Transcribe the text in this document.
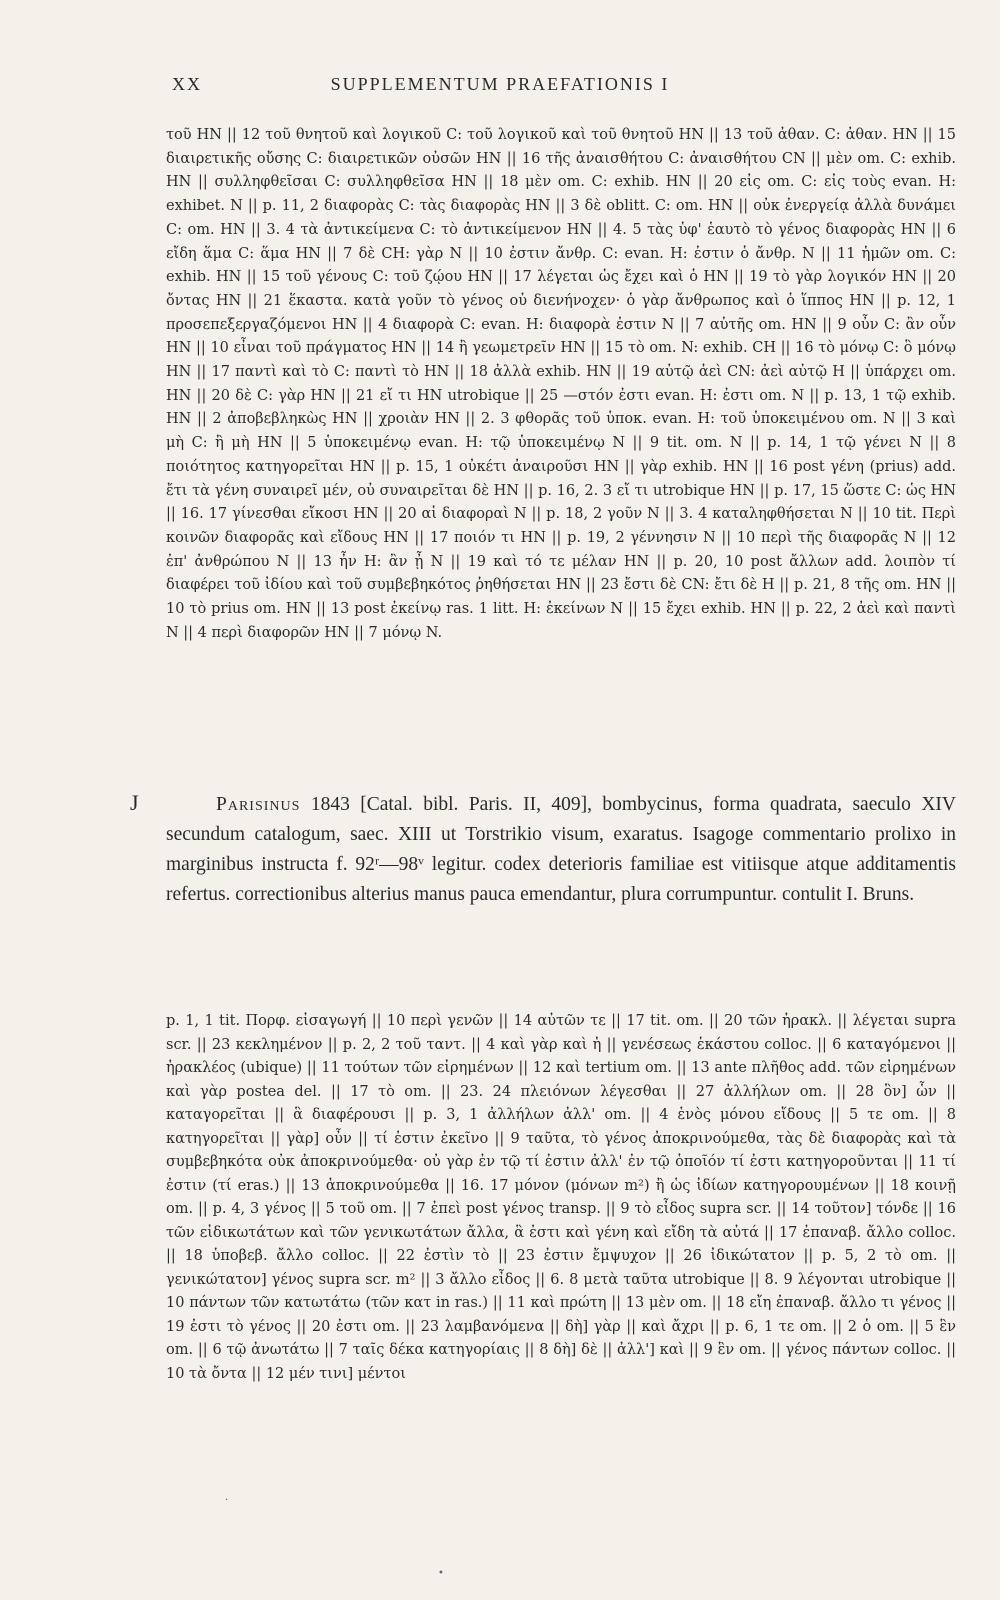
XX	SUPPLEMENTUM PRAEFATIONIS I

τοῦ HN || 12 τοῦ θνητοῦ καὶ λογικοῦ C: τοῦ λογικοῦ καὶ τοῦ θνητοῦ HN || 13 τοῦ ἀθαν. C: ἀθαν. HN || 15 διαιρετικῆς οὔσης C: διαιρετικῶν οὐσῶν HN || 16 τῆς ἀναισθήτου C: ἀναισθήτου CN || μὲν om. C: exhib. HN || συλληφθεῖσαι C: συλληφθεῖσα HN || 18 μὲν om. C: exhib. HN || 20 εἰς om. C: εἰς τοὺς evan. H: exhibet. N || p. 11, 2 διαφορὰς C: τὰς διαφορὰς HN || 3 δὲ oblitt. C: om. HN || οὐκ ἐνεργείᾳ ἀλλὰ δυνάμει C: om. HN || 3. 4 τὰ ἀντικείμενα C: τὸ ἀντικείμενον HN || 4. 5 τὰς ὑφ' ἑαυτὸ τὸ γένος διαφορὰς HN || 6 εἴδη ἅμα C: ἅμα HN || 7 δὲ CH: γὰρ N || 10 ἐστιν ἄνθρ. C: evan. H: ἐστιν ὁ ἄνθρ. N || 11 ἡμῶν om. C: exhib. HN || 15 τοῦ γένους C: τοῦ ζῴου HN || 17 λέγεται ὡς ἔχει καὶ ὁ HN || 19 τὸ γὰρ λογικόν HN || 20 ὄντας HN || 21 ἕκαστα. κατὰ γοῦν τὸ γένος οὐ διενήνοχεν· ὁ γὰρ ἄνθρωπος καὶ ὁ ἵππος HN || p. 12, 1 προσεπεξεργαζόμενοι HN || 4 διαφορὰ C: evan. H: διαφορὰ ἐστιν N || 7 αὐτῆς om. HN || 9 οὖν C: ἂν οὖν HN || 10 εἶναι τοῦ πράγματος HN || 14 ἢ γεωμετρεῖν HN || 15 τὸ om. N: exhib. CH || 16 τὸ μόνῳ C: ὃ μόνῳ HN || 17 παντὶ καὶ τὸ C: παντὶ τὸ HN || 18 ἀλλὰ exhib. HN || 19 αὐτῷ ἀεὶ CN: ἀεὶ αὐτῷ H || ὑπάρχει om. HN || 20 δὲ C: γὰρ HN || 21 εἴ τι HN utrobique || 25 —στόν ἐστι evan. H: ἐστι om. N || p. 13, 1 τῷ exhib. HN || 2 ἀποβεβληκὼς HN || χροιὰν HN || 2. 3 φθορᾶς τοῦ ὑποκ. evan. H: τοῦ ὑποκειμένου om. N || 3 καὶ μὴ C: ἢ μὴ HN || 5 ὑποκειμένῳ evan. H: τῷ ὑποκειμένῳ N || 9 tit. om. N || p. 14, 1 τῷ γένει N || 8 ποιότητος κατηγορεῖται HN || p. 15, 1 οὐκέτι ἀναιροῦσι HN || γὰρ exhib. HN || 16 post γένη (prius) add. ἔτι τὰ γένη συναιρεῖ μέν, οὐ συναιρεῖται δὲ HN || p. 16, 2. 3 εἴ τι utrobique HN || p. 17, 15 ὥστε C: ὡς HN || 16. 17 γίνεσθαι εἴκοσι HN || 20 αἱ διαφοραὶ N || p. 18, 2 γοῦν N || 3. 4 καταληφθήσεται N || 10 tit. Περὶ κοινῶν διαφορᾶς καὶ εἴδους HN || 17 ποιόν τι HN || p. 19, 2 γέννησιν N || 10 περὶ τῆς διαφορᾶς N || 12 ἐπ' ἀνθρώπου N || 13 ἦν H: ἂν ᾖ N || 19 καὶ τό τε μέλαν HN || p. 20, 10 post ἄλλων add. λοιπὸν τί διαφέρει τοῦ ἰδίου καὶ τοῦ συμβεβηκότος ῥηθήσεται HN || 23 ἔστι δὲ CN: ἔτι δὲ H || p. 21, 8 τῆς om. HN || 10 τὸ prius om. HN || 13 post ἐκείνῳ ras. 1 litt. H: ἐκείνων N || 15 ἔχει exhib. HN || p. 22, 2 ἀεὶ καὶ παντὶ N || 4 περὶ διαφορῶν HN || 7 μόνῳ N.

J	Parisinus 1843 [Catal. bibl. Paris. II, 409], bombycinus, forma quadrata, saeculo XIV secundum catalogum, saec. XIII ut Torstrikio visum, exaratus. Isagoge commentario prolixo in marginibus instructa f. 92ʳ—98ᵛ legitur. codex deterioris familiae est vitiisque atque additamentis refertus. correctionibus alterius manus pauca emendantur, plura corrumpuntur. contulit I. Bruns.

p. 1, 1 tit. Πορφ. εἰσαγωγή || 10 περὶ γενῶν || 14 αὐτῶν τε || 17 tit. om. || 20 τῶν ἡρακλ. || λέγεται supra scr. || 23 κεκλημένον || p. 2, 2 τοῦ ταντ. || 4 καὶ γὰρ καὶ ἡ || γενέσεως ἑκάστου colloc. || 6 καταγόμενοι || ἡρακλέος (ubique) || 11 τούτων τῶν εἰρημένων || 12 καὶ tertium om. || 13 ante πλῆθος add. τῶν εἰρημένων καὶ γὰρ postea del. || 17 τὸ om. || 23. 24 πλειόνων λέγεσθαι || 27 ἀλλήλων om. || 28 ὃν] ὧν || καταγορεῖται || ἃ διαφέρουσι || p. 3, 1 ἀλλήλων ἀλλ' om. || 4 ἑνὸς μόνου εἴδους || 5 τε om. || 8 κατηγορεῖται || γὰρ] οὖν || τί ἐστιν ἐκεῖνο || 9 ταῦτα, τὸ γένος ἀποκρινούμεθα, τὰς δὲ διαφορὰς καὶ τὰ συμβεβηκότα οὐκ ἀποκρινούμεθα· οὐ γὰρ ἐν τῷ τί ἐστιν ἀλλ' ἐν τῷ ὁποῖόν τί ἐστι κατηγοροῦνται || 11 τί ἐστιν (τί eras.) || 13 ἀποκρινούμεθα || 16. 17 μόνον (μόνων m²) ἢ ὡς ἰδίων κατηγορουμένων || 18 κοινῇ om. || p. 4, 3 γένος || 5 τοῦ om. || 7 ἐπεὶ post γένος transp. || 9 τὸ εἶδος supra scr. || 14 τοῦτον] τόνδε || 16 τῶν εἰδικωτάτων καὶ τῶν γενικωτάτων ἄλλα, ἃ ἐστι καὶ γένη καὶ εἴδη τὰ αὐτά || 17 ἐπαναβ. ἄλλο colloc. || 18 ὑποβεβ. ἄλλο colloc. || 22 ἐστὶν τὸ || 23 ἐστιν ἔμψυχον || 26 ἰδικώτατον || p. 5, 2 τὸ om. || γενικώτατον] γένος supra scr. m² || 3 ἄλλο εἶδος || 6. 8 μετὰ ταῦτα utrobique || 8. 9 λέγονται utrobique || 10 πάντων τῶν κατωτάτω (τῶν κατ in ras.) || 11 καὶ πρώτη || 13 μὲν om. || 18 εἴη ἐπαναβ. ἄλλο τι γένος || 19 ἐστι τὸ γένος || 20 ἐστι om. || 23 λαμβανόμενα || δὴ] γὰρ || καὶ ἄχρι || p. 6, 1 τε om. || 2 ὁ om. || 5 ἓν om. || 6 τῷ ἀνωτάτω || 7 ταῖς δέκα κατηγορίαις || 8 δὴ] δὲ || ἀλλ'] καὶ || 9 ἓν om. || γένος πάντων colloc. || 10 τὰ ὄντα || 12 μέν τινι] μέντοι

•
·
